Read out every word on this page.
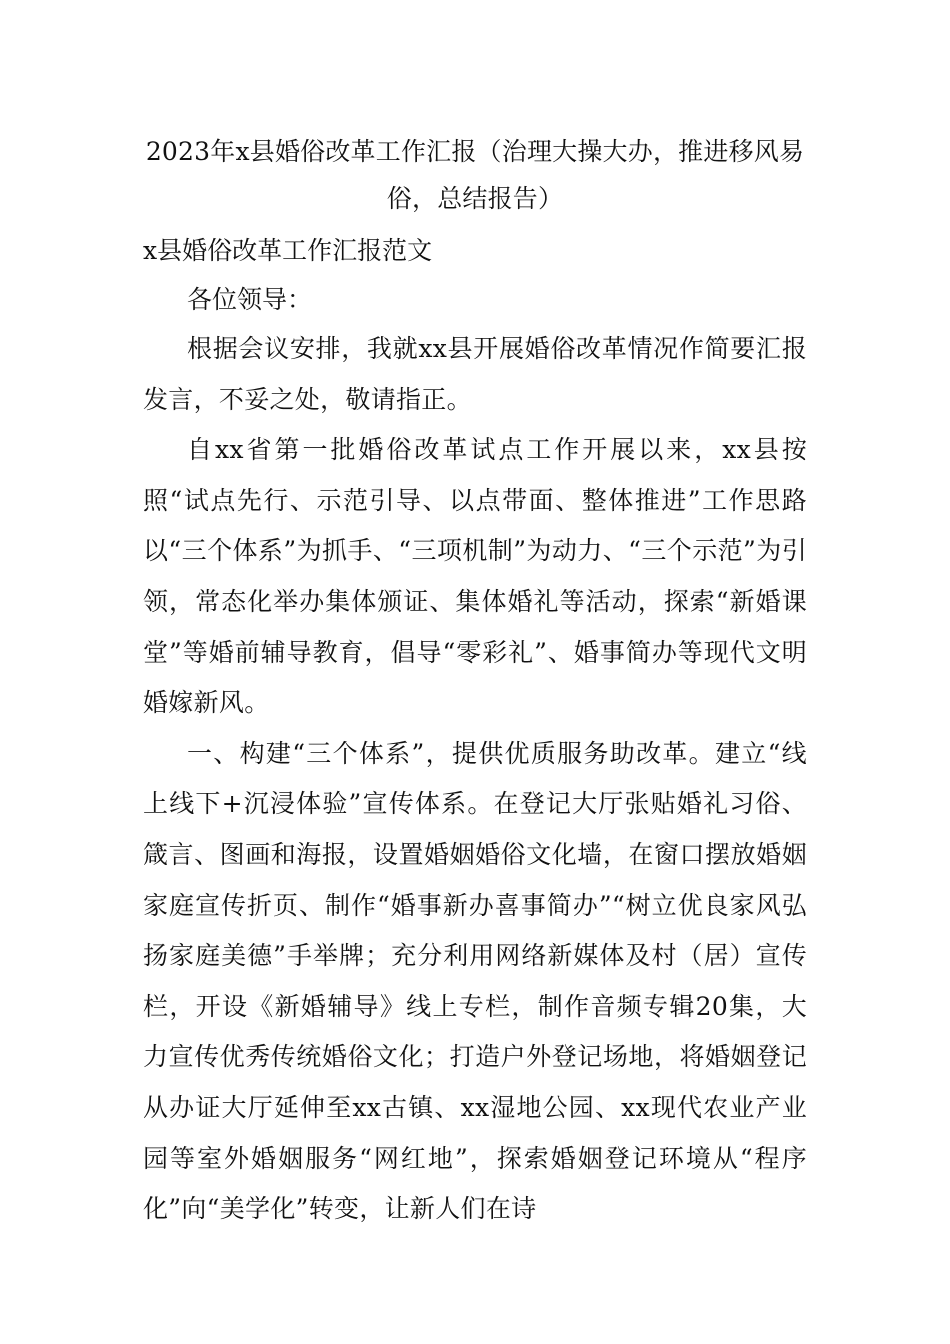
2023年x县婚俗改革工作汇报（治理大操大办，推进移风易俗，总结报告）

x县婚俗改革工作汇报范文

各位领导：

根据会议安排，我就xx县开展婚俗改革情况作简要汇报发言，不妥之处，敬请指正。

自xx省第一批婚俗改革试点工作开展以来，xx县按照“试点先行、示范引导、以点带面、整体推进”工作思路以“三个体系”为抓手、“三项机制”为动力、“三个示范”为引领，常态化举办集体颁证、集体婚礼等活动，探索“新婚课堂”等婚前辅导教育，倡导“零彩礼”、婚事简办等现代文明婚嫁新风。

一、构建“三个体系”，提供优质服务助改革。建立“线上线下+沉浸体验”宣传体系。在登记大厅张贴婚礼习俗、箴言、图画和海报，设置婚姻婚俗文化墙，在窗口摆放婚姻家庭宣传折页、制作“婚事新办喜事简办”“树立优良家风弘扬家庭美德”手举牌；充分利用网络新媒体及村（居）宣传栏，开设《新婚辅导》线上专栏，制作音频专辑20集，大力宣传优秀传统婚俗文化；打造户外登记场地，将婚姻登记从办证大厅延伸至xx古镇、xx湿地公园、xx现代农业产业园等室外婚姻服务“网红地”，探索婚姻登记环境从“程序化”向“美学化”转变，让新人们在诗
